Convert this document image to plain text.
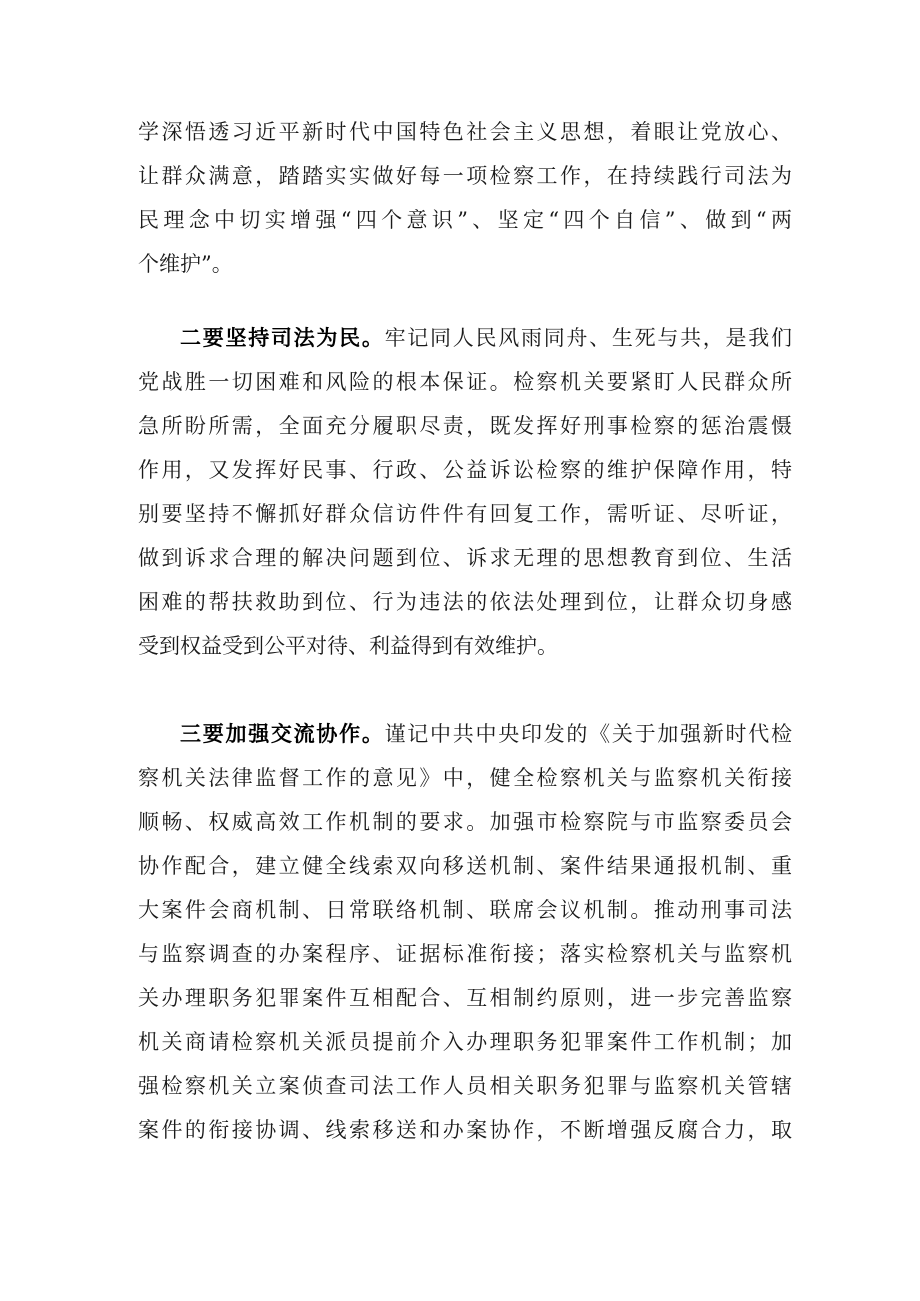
学深悟透习近平新时代中国特色社会主义思想，着眼让党放心、
让群众满意，踏踏实实做好每一项检察工作，在持续践行司法为
民理念中切实增强“四个意识”、坚定“四个自信”、做到“两
个维护”。
二要坚持司法为民。牢记同人民风雨同舟、生死与共，是我们
党战胜一切困难和风险的根本保证。检察机关要紧盯人民群众所
急所盼所需，全面充分履职尽责，既发挥好刑事检察的惩治震慑
作用，又发挥好民事、行政、公益诉讼检察的维护保障作用，特
别要坚持不懈抓好群众信访件件有回复工作，需听证、尽听证，
做到诉求合理的解决问题到位、诉求无理的思想教育到位、生活
困难的帮扶救助到位、行为违法的依法处理到位，让群众切身感
受到权益受到公平对待、利益得到有效维护。
三要加强交流协作。谨记中共中央印发的《关于加强新时代检
察机关法律监督工作的意见》中，健全检察机关与监察机关衔接
顺畅、权威高效工作机制的要求。加强市检察院与市监察委员会
协作配合，建立健全线索双向移送机制、案件结果通报机制、重
大案件会商机制、日常联络机制、联席会议机制。推动刑事司法
与监察调查的办案程序、证据标准衔接；落实检察机关与监察机
关办理职务犯罪案件互相配合、互相制约原则，进一步完善监察
机关商请检察机关派员提前介入办理职务犯罪案件工作机制；加
强检察机关立案侦查司法工作人员相关职务犯罪与监察机关管辖
案件的衔接协调、线索移送和办案协作，不断增强反腐合力，取
